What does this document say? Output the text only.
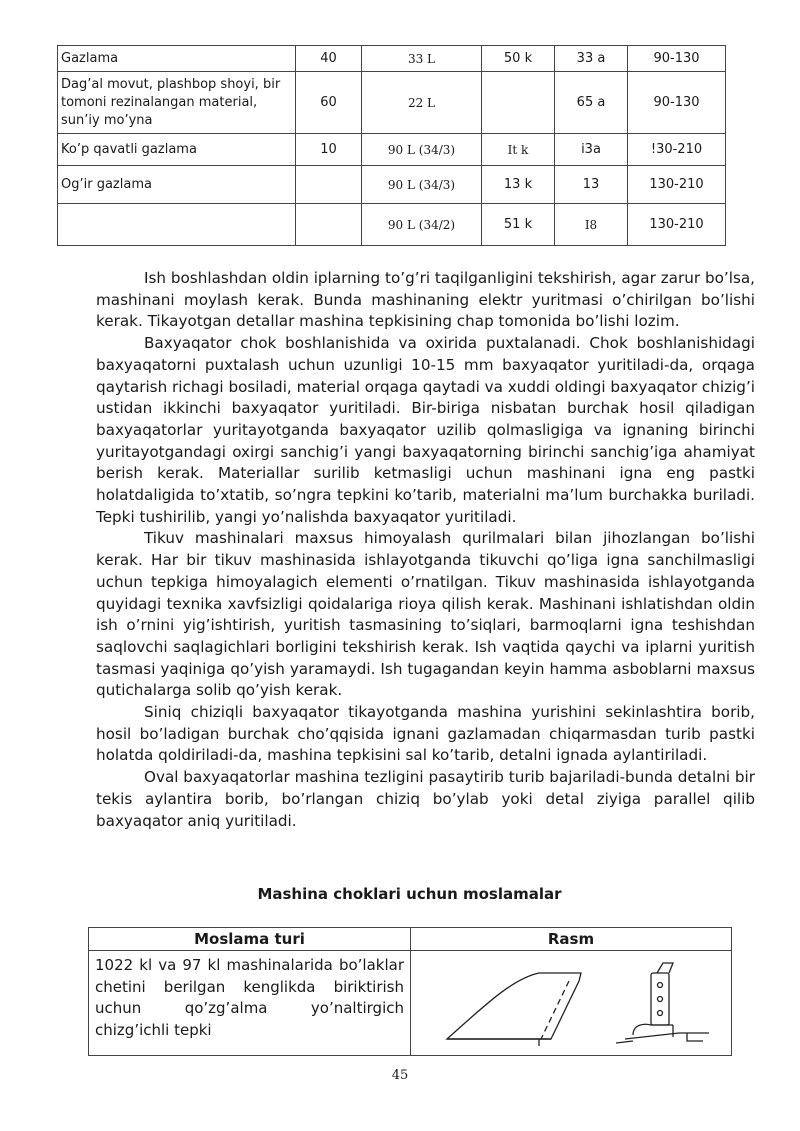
Gazlama	40	33 L	50 k	33 a	90-130
Dag’al movut, plashbop shoyi, bir tomoni rezinalangan material, sun’iy mo’yna	60	22 L		65 a	90-130
Ko’p qavatli gazlama	10	90 L (34/3)	It k	i3a	!30-210
Og’ir gazlama		90 L (34/3)	13 k	13	130-210
		90 L (34/2)	51 k	I8	130-210

Ish boshlashdan oldin iplarning to’g’ri taqilganligini tekshirish, agar zarur bo’lsa, mashinani moylash kerak. Bunda mashinaning elektr yuritmasi o’chirilgan bo’lishi kerak. Tikayotgan detallar mashina tepkisining chap tomonida bo’lishi lozim.

Baxyaqator chok boshlanishida va oxirida puxtalanadi. Chok boshlanishidagi baxyaqatorni puxtalash uchun uzunligi 10-15 mm baxyaqator yuritiladi-da, orqaga qaytarish richagi bosiladi, material orqaga qaytadi va xuddi oldingi baxyaqator chizig’i ustidan ikkinchi baxyaqator yuritiladi. Bir-biriga nisbatan burchak hosil qiladigan baxyaqatorlar yuritayotganda baxyaqator uzilib qolmasligiga va ignaning birinchi yuritayotgandagi oxirgi sanchig’i yangi baxyaqatorning birinchi sanchig’iga ahamiyat berish kerak. Materiallar surilib ketmasligi uchun mashinani igna eng pastki holatdaligida to’xtatib, so’ngra tepkini ko’tarib, materialni ma’lum burchakka buriladi. Tepki tushirilib, yangi yo’nalishda baxyaqator yuritiladi.

Tikuv mashinalari maxsus himoyalash qurilmalari bilan jihozlangan bo’lishi kerak. Har bir tikuv mashinasida ishlayotganda tikuvchi qo’liga igna sanchilmasligi uchun tepkiga himoyalagich elementi o’rnatilgan. Tikuv mashinasida ishlayotganda quyidagi texnika xavfsizligi qoidalariga rioya qilish kerak. Mashinani ishlatishdan oldin ish o’rnini yig’ishtirish, yuritish tasmasining to’siqlari, barmoqlarni igna teshishdan saqlovchi saqlagichlari borligini tekshirish kerak. Ish vaqtida qaychi va iplarni yuritish tasmasi yaqiniga qo’yish yaramaydi. Ish tugagandan keyin hamma asboblarni maxsus qutichalarga solib qo’yish kerak.

Siniq chiziqli baxyaqator tikayotganda mashina yurishini sekinlashtira borib, hosil bo’ladigan burchak cho’qqisida ignani gazlamadan chiqarmasdan turib pastki holatda qoldiriladi-da, mashina tepkisini sal ko’tarib, detalni ignada aylantiriladi.

Oval baxyaqatorlar mashina tezligini pasaytirib turib bajariladi-bunda detalni bir tekis aylantira borib, bo’rlangan chiziq bo’ylab yoki detal ziyiga parallel qilib baxyaqator aniq yuritiladi.

Mashina choklari uchun moslamalar
Moslama turi	Rasm
1022 kl va 97 kl mashinalarida bo’laklar chetini berilgan kenglikda biriktirish uchun qo’zg’alma yo’naltirgich chizg’ichli tepki	
45
